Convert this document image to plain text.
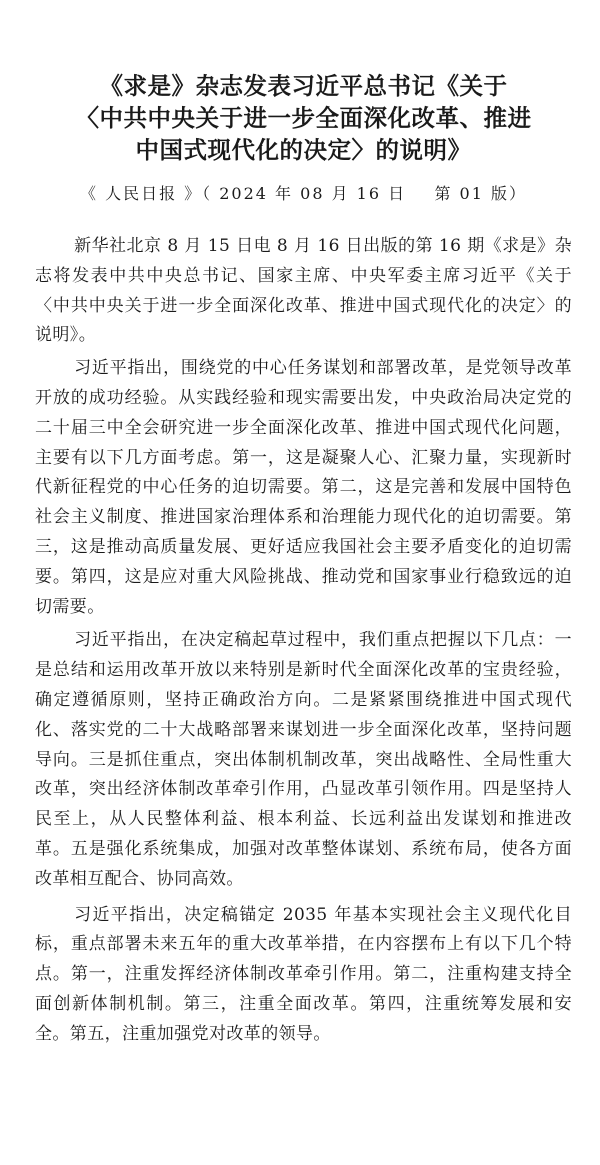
《求是》杂志发表习近平总书记《关于
〈中共中央关于进一步全面深化改革、推进
中国式现代化的决定〉的说明》
《 人民日报 》（ 2024 年 08 月 16 日    第 01 版）

新华社北京 8 月 15 日电 8 月 16 日出版的第 16 期《求是》杂志将发表中共中央总书记、国家主席、中央军委主席习近平《关于〈中共中央关于进一步全面深化改革、推进中国式现代化的决定〉的说明》。

习近平指出，围绕党的中心任务谋划和部署改革，是党领导改革开放的成功经验。从实践经验和现实需要出发，中央政治局决定党的二十届三中全会研究进一步全面深化改革、推进中国式现代化问题，主要有以下几方面考虑。第一，这是凝聚人心、汇聚力量，实现新时代新征程党的中心任务的迫切需要。第二，这是完善和发展中国特色社会主义制度、推进国家治理体系和治理能力现代化的迫切需要。第三，这是推动高质量发展、更好适应我国社会主要矛盾变化的迫切需要。第四，这是应对重大风险挑战、推动党和国家事业行稳致远的迫切需要。

习近平指出，在决定稿起草过程中，我们重点把握以下几点：一是总结和运用改革开放以来特别是新时代全面深化改革的宝贵经验，确定遵循原则，坚持正确政治方向。二是紧紧围绕推进中国式现代化、落实党的二十大战略部署来谋划进一步全面深化改革，坚持问题导向。三是抓住重点，突出体制机制改革，突出战略性、全局性重大改革，突出经济体制改革牵引作用，凸显改革引领作用。四是坚持人民至上，从人民整体利益、根本利益、长远利益出发谋划和推进改革。五是强化系统集成，加强对改革整体谋划、系统布局，使各方面改革相互配合、协同高效。

习近平指出，决定稿锚定 2035 年基本实现社会主义现代化目标，重点部署未来五年的重大改革举措，在内容摆布上有以下几个特点。第一，注重发挥经济体制改革牵引作用。第二，注重构建支持全面创新体制机制。第三，注重全面改革。第四，注重统筹发展和安全。第五，注重加强党对改革的领导。
